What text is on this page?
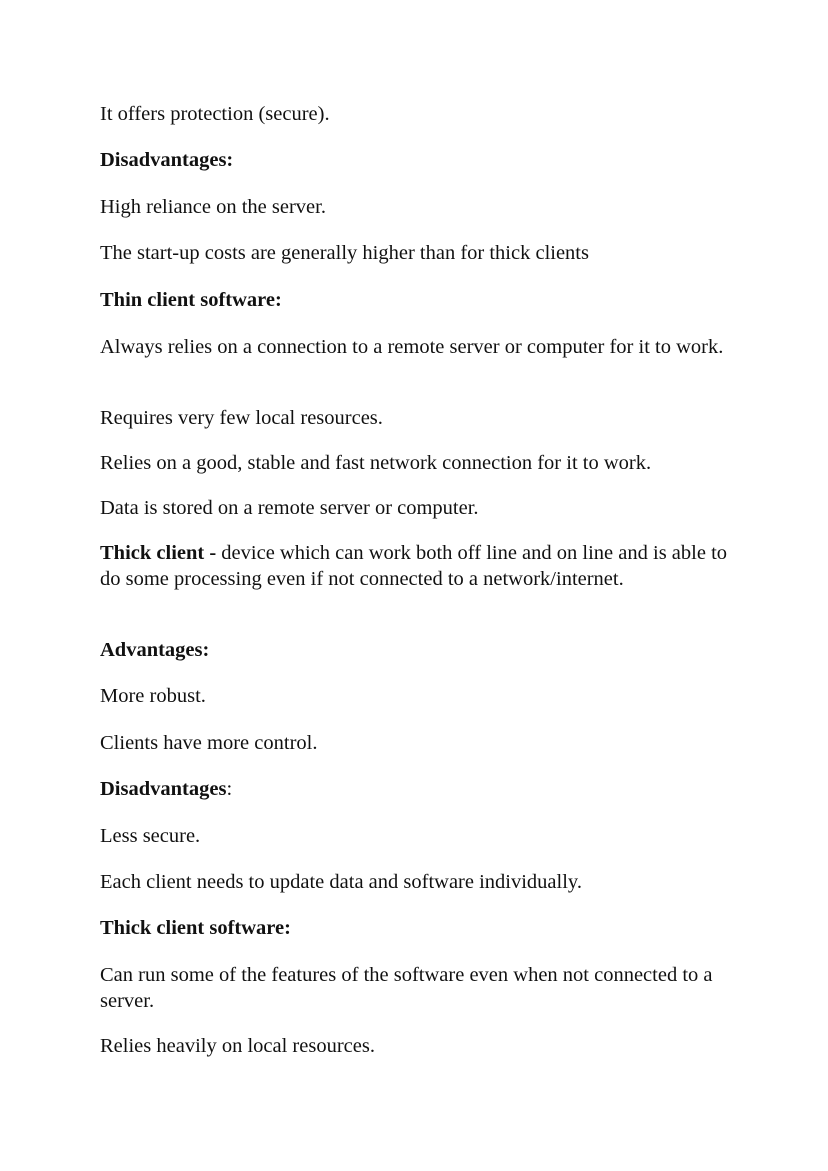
It offers protection (secure).

Disadvantages:

High reliance on the server.

The start-up costs are generally higher than for thick clients

Thin client software:

Always relies on a connection to a remote server or computer for it to work.

Requires very few local resources.

Relies on a good, stable and fast network connection for it to work.

Data is stored on a remote server or computer.

Thick client - device which can work both off line and on line and is able to do some processing even if not connected to a network/internet.

Advantages:

More robust.

Clients have more control.

Disadvantages:

Less secure.

Each client needs to update data and software individually.

Thick client software:

Can run some of the features of the software even when not connected to a server.

Relies heavily on local resources.
